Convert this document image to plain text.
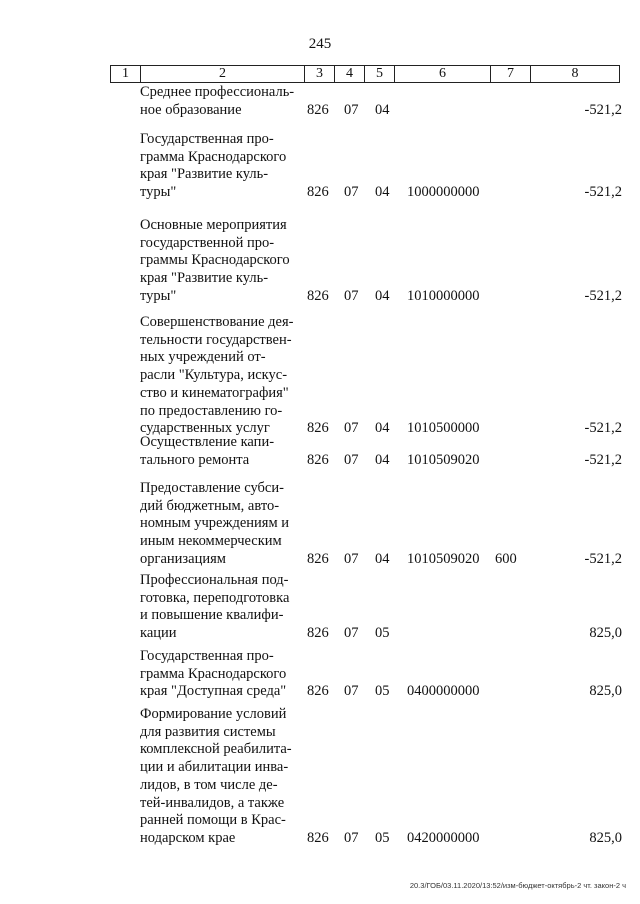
245
1	2	3	4	5	6	7	8
Среднее профессиональ-
ное образование	826 07 04	-521,2
Государственная про-
грамма Краснодарского
края "Развитие куль-
туры"	826 07 04 1000000000	-521,2
Основные мероприятия
государственной про-
граммы Краснодарского
края "Развитие куль-
туры"	826 07 04 1010000000	-521,2
Совершенствование дея-
тельности государствен-
ных учреждений от-
расли "Культура, искус-
ство и кинематография"
по предоставлению го-
сударственных услуг	826 07 04 1010500000	-521,2
Осуществление капи-
тального ремонта	826 07 04 1010509020	-521,2
Предоставление субси-
дий бюджетным, авто-
номным учреждениям и
иным некоммерческим
организациям	826 07 04 1010509020 600	-521,2
Профессиональная под-
готовка, переподготовка
и повышение квалифи-
кации	826 07 05	825,0
Государственная про-
грамма Краснодарского
края "Доступная среда"	826 07 05 0400000000	825,0
Формирование условий
для развития системы
комплексной реабилита-
ции и абилитации инва-
лидов, в том числе де-
тей-инвалидов, а также
ранней помощи в Крас-
нодарском крае	826 07 05 0420000000	825,0
20.3/ГОБ/03.11.2020/13:52/изм-бюджет-октябрь-2 чт. закон-2 ч
